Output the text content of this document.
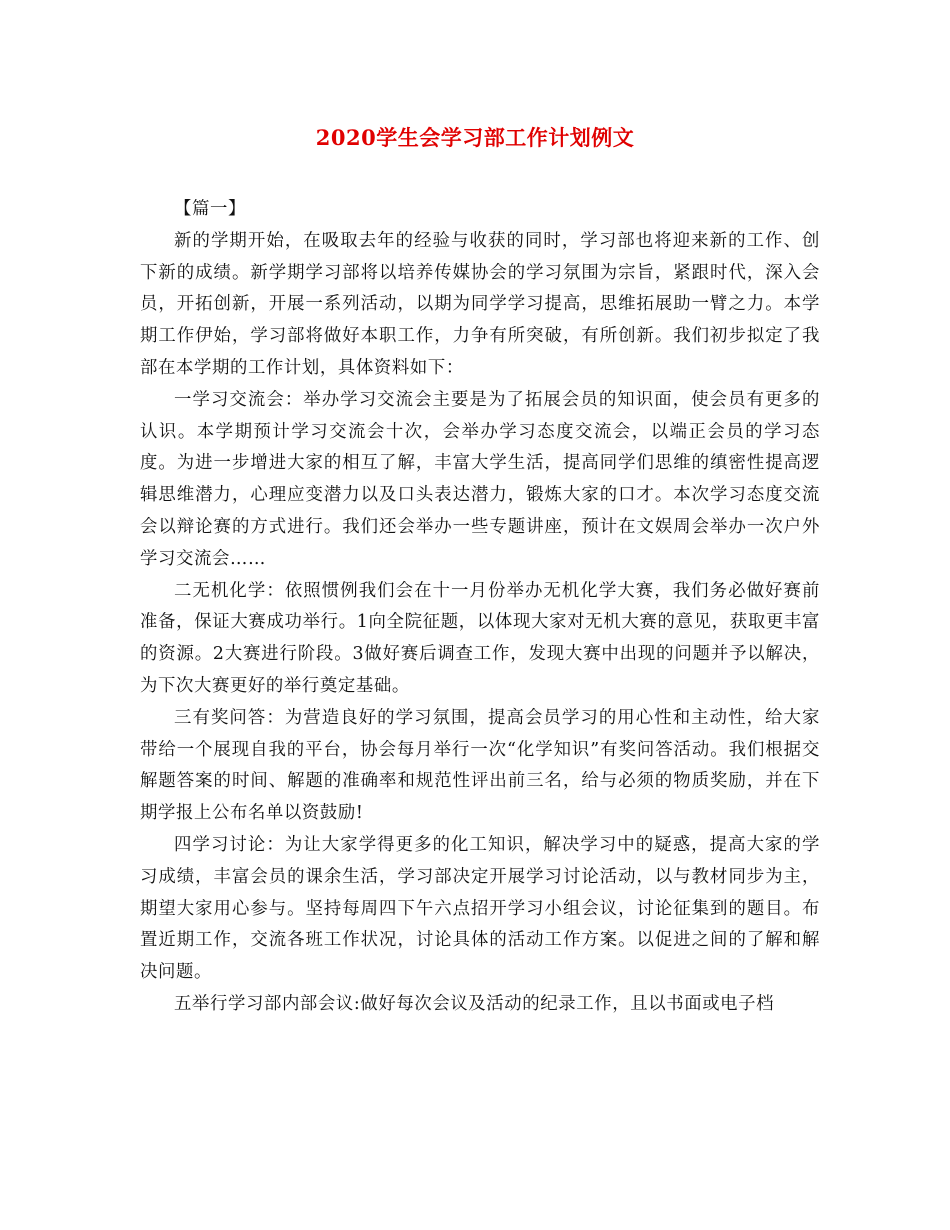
2020学生会学习部工作计划例文

【篇一】

新的学期开始，在吸取去年的经验与收获的同时，学习部也将迎来新的工作、创下新的成绩。新学期学习部将以培养传媒协会的学习氛围为宗旨，紧跟时代，深入会员，开拓创新，开展一系列活动，以期为同学学习提高，思维拓展助一臂之力。本学期工作伊始，学习部将做好本职工作，力争有所突破，有所创新。我们初步拟定了我部在本学期的工作计划，具体资料如下：

一学习交流会：举办学习交流会主要是为了拓展会员的知识面，使会员有更多的认识。本学期预计学习交流会十次，会举办学习态度交流会，以端正会员的学习态度。为进一步增进大家的相互了解，丰富大学生活，提高同学们思维的缜密性提高逻辑思维潜力，心理应变潜力以及口头表达潜力，锻炼大家的口才。本次学习态度交流会以辩论赛的方式进行。我们还会举办一些专题讲座，预计在文娱周会举办一次户外学习交流会……

二无机化学：依照惯例我们会在十一月份举办无机化学大赛，我们务必做好赛前准备，保证大赛成功举行。1向全院征题，以体现大家对无机大赛的意见，获取更丰富的资源。2大赛进行阶段。3做好赛后调查工作，发现大赛中出现的问题并予以解决，为下次大赛更好的举行奠定基础。

三有奖问答：为营造良好的学习氛围，提高会员学习的用心性和主动性，给大家带给一个展现自我的平台，协会每月举行一次“化学知识”有奖问答活动。我们根据交解题答案的时间、解题的准确率和规范性评出前三名，给与必须的物质奖励，并在下期学报上公布名单以资鼓励!

四学习讨论：为让大家学得更多的化工知识，解决学习中的疑惑，提高大家的学习成绩，丰富会员的课余生活，学习部决定开展学习讨论活动，以与教材同步为主，期望大家用心参与。坚持每周四下午六点招开学习小组会议，讨论征集到的题目。布置近期工作，交流各班工作状况，讨论具体的活动工作方案。以促进之间的了解和解决问题。

五举行学习部内部会议:做好每次会议及活动的纪录工作，且以书面或电子档
